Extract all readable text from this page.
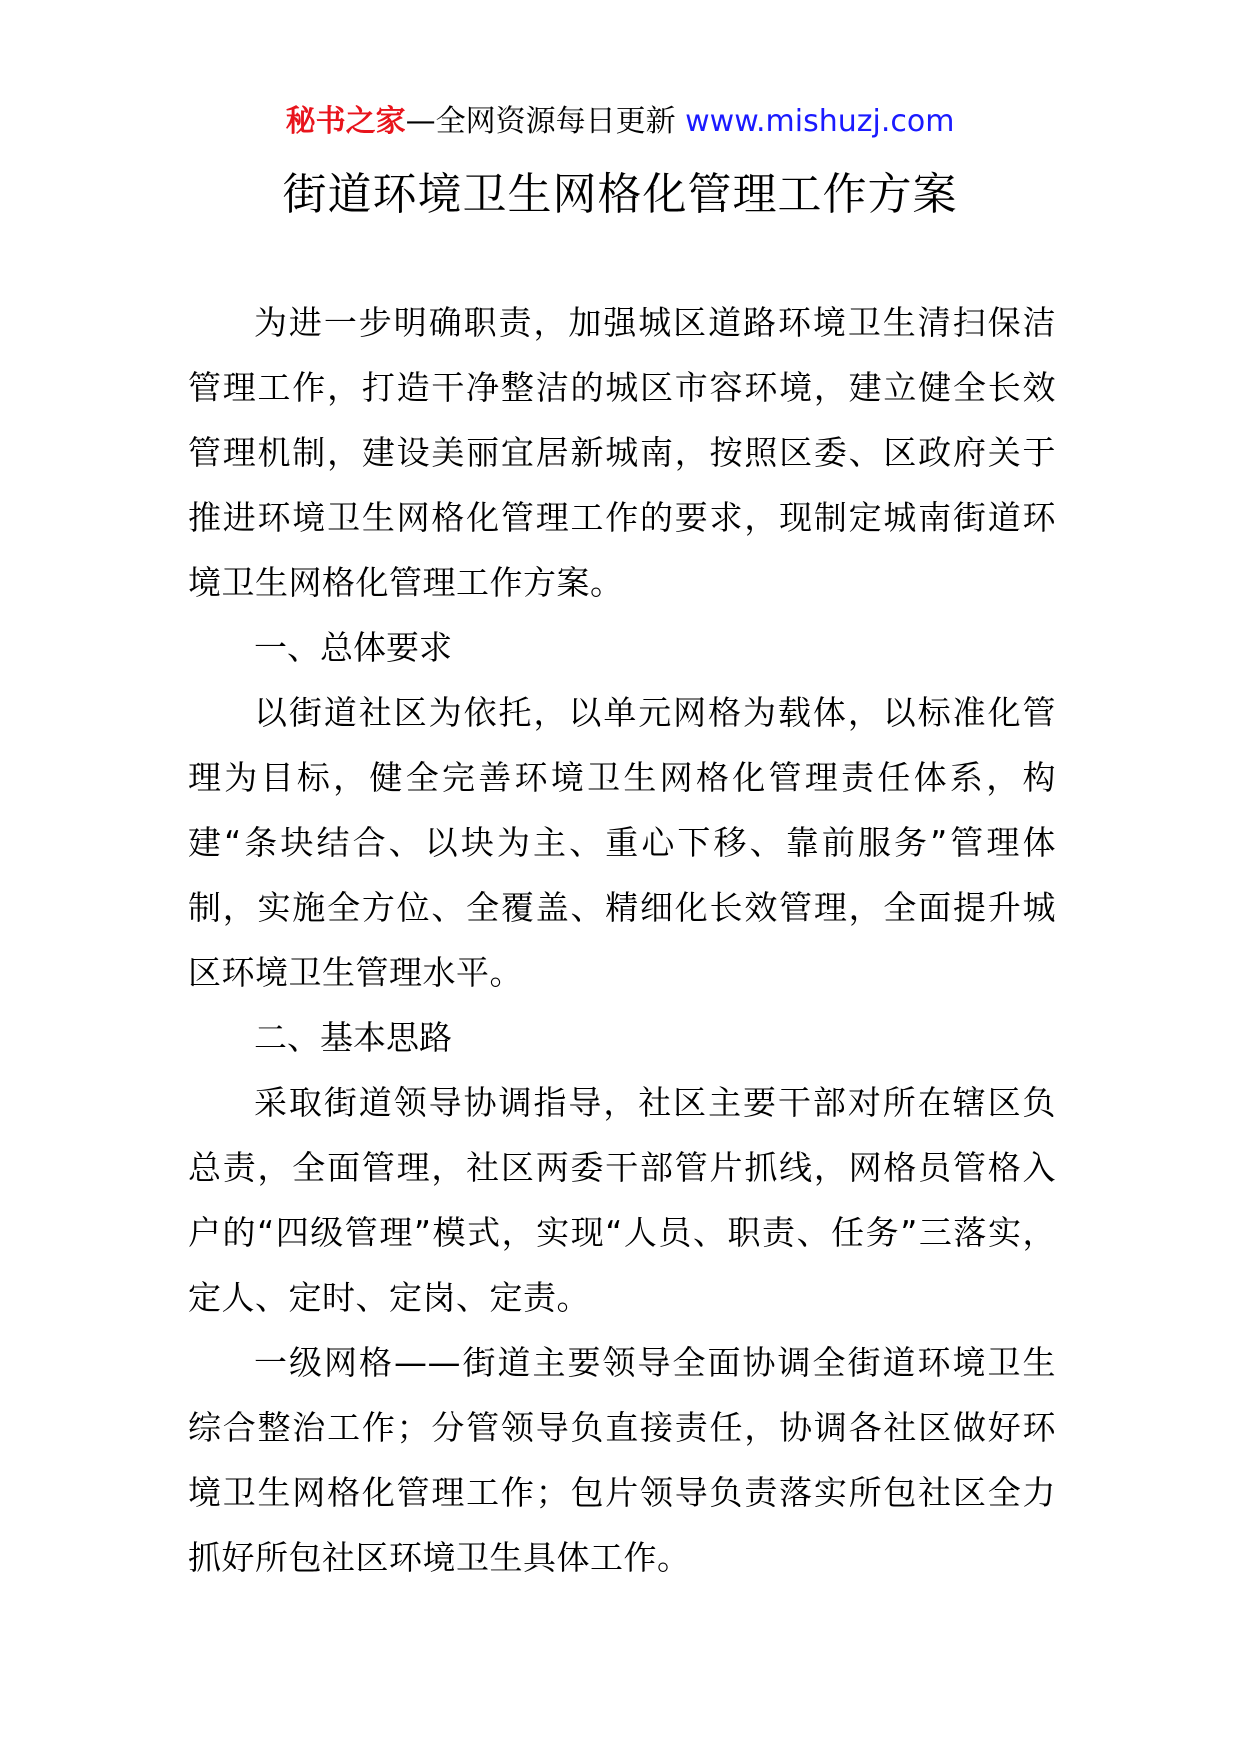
秘书之家—全网资源每日更新 www.mishuzj.com
街道环境卫生网格化管理工作方案

为进一步明确职责，加强城区道路环境卫生清扫保洁管理工作，打造干净整洁的城区市容环境，建立健全长效管理机制，建设美丽宜居新城南，按照区委、区政府关于推进环境卫生网格化管理工作的要求，现制定城南街道环境卫生网格化管理工作方案。

一、总体要求

以街道社区为依托，以单元网格为载体，以标准化管理为目标，健全完善环境卫生网格化管理责任体系，构建“条块结合、以块为主、重心下移、靠前服务”管理体制，实施全方位、全覆盖、精细化长效管理，全面提升城区环境卫生管理水平。

二、基本思路

采取街道领导协调指导，社区主要干部对所在辖区负总责，全面管理，社区两委干部管片抓线，网格员管格入户的“四级管理”模式，实现“人员、职责、任务”三落实，定人、定时、定岗、定责。

一级网格——街道主要领导全面协调全街道环境卫生综合整治工作；分管领导负直接责任，协调各社区做好环境卫生网格化管理工作；包片领导负责落实所包社区全力抓好所包社区环境卫生具体工作。
